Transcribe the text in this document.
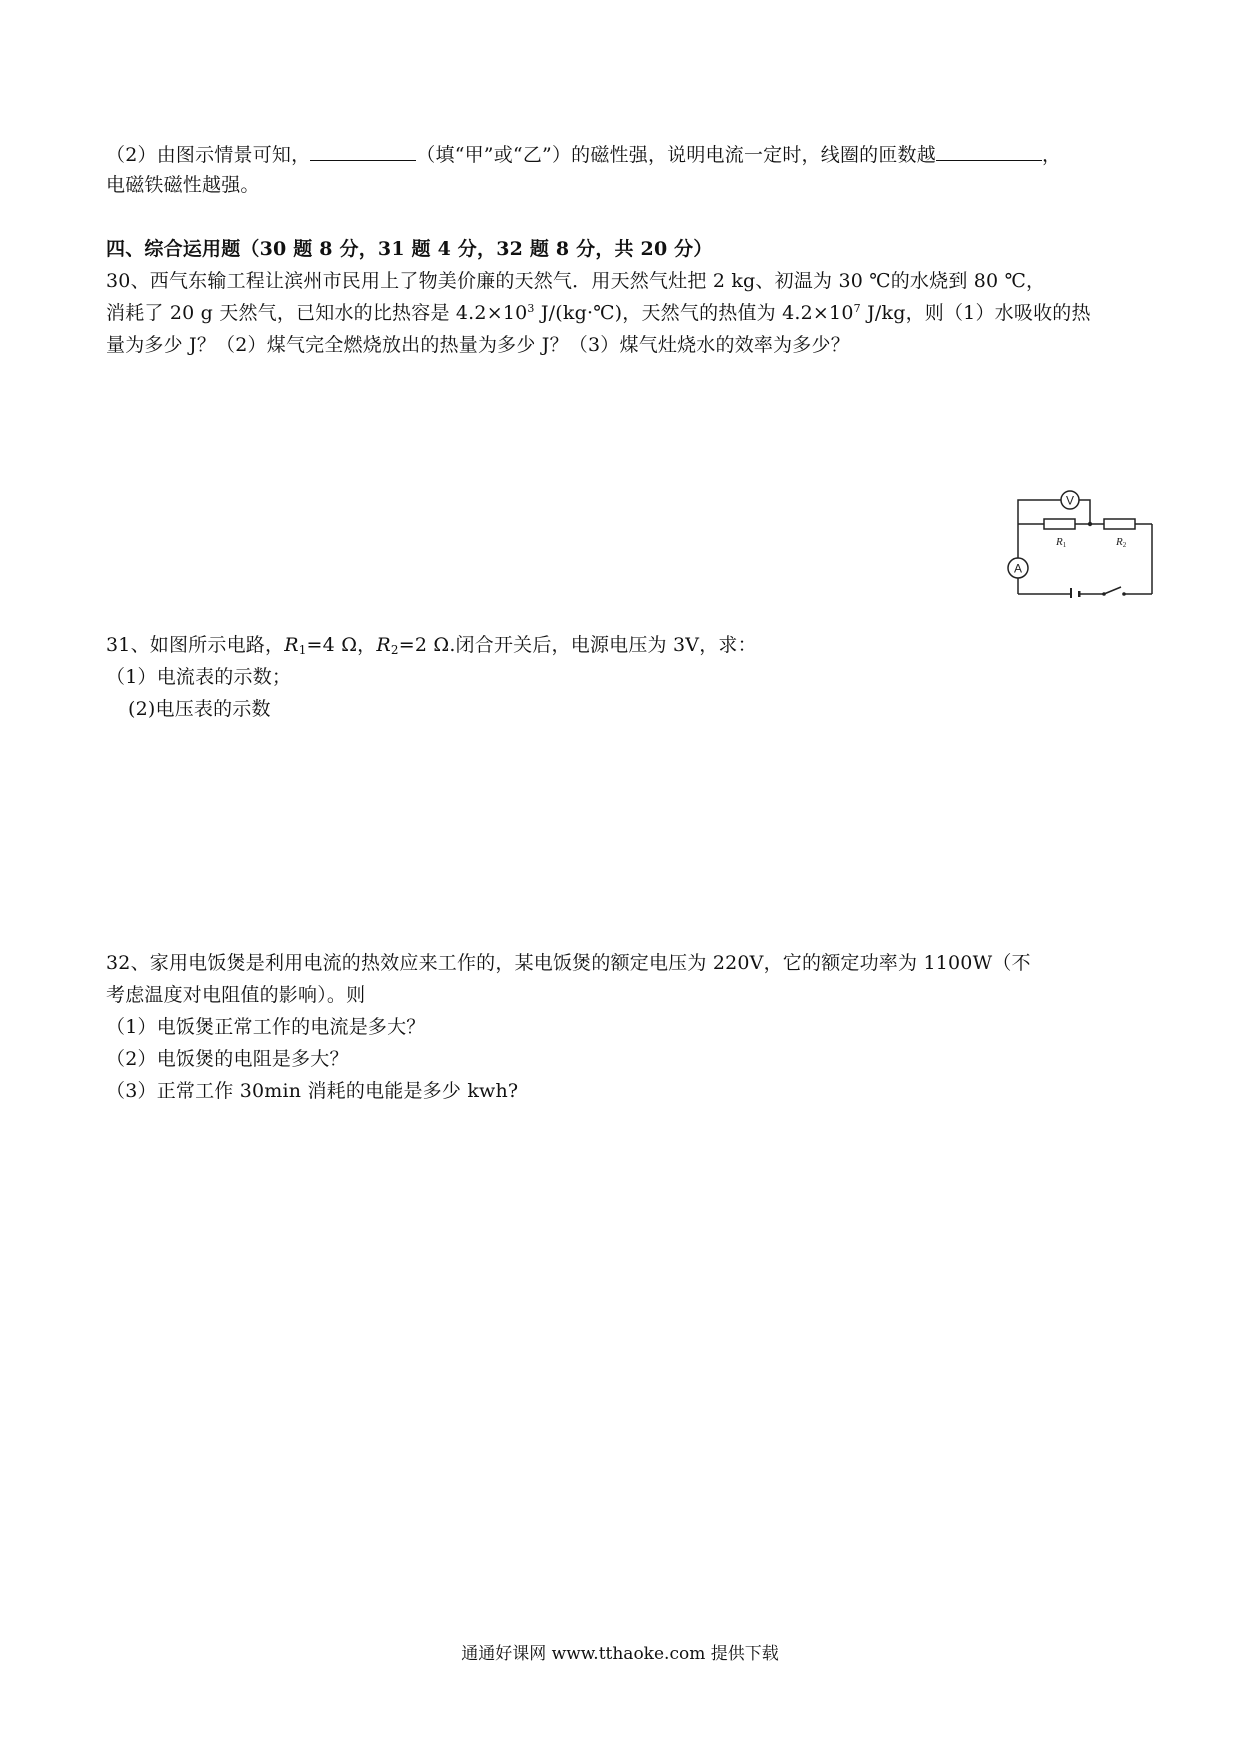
（2）由图示情景可知，	（填“甲”或“乙”）的磁性强，说明电流一定时，线圈的匝数越	，
电磁铁磁性越强。
四、综合运用题（30 题 8 分，31 题 4 分，32 题 8 分，共 20 分）
30、西气东输工程让滨州市民用上了物美价廉的天然气．用天然气灶把 2 kg、初温为 30 ℃的水烧到 80 ℃，
消耗了 20 g 天然气，已知水的比热容是 $4.2\times 10^3$ J/(kg·℃)，天然气的热值为 $4.2\times 10^7$ J/kg，则（1）水吸收的热
量为多少 J？（2）煤气完全燃烧放出的热量为多少 J？（3）煤气灶烧水的效率为多少？
V
A
R1	R2
31、如图所示电路，$R_1=4$ Ω，$R_2=2$ Ω.闭合开关后，电源电压为 3V，求：
（1）电流表的示数；
(2)电压表的示数
32、家用电饭煲是利用电流的热效应来工作的，某电饭煲的额定电压为 220V，它的额定功率为 1100W（不
考虑温度对电阻值的影响）。则
（1）电饭煲正常工作的电流是多大？
（2）电饭煲的电阻是多大？
（3）正常工作 30min 消耗的电能是多少 kwh?
通通好课网 www.tthaoke.com 提供下载
